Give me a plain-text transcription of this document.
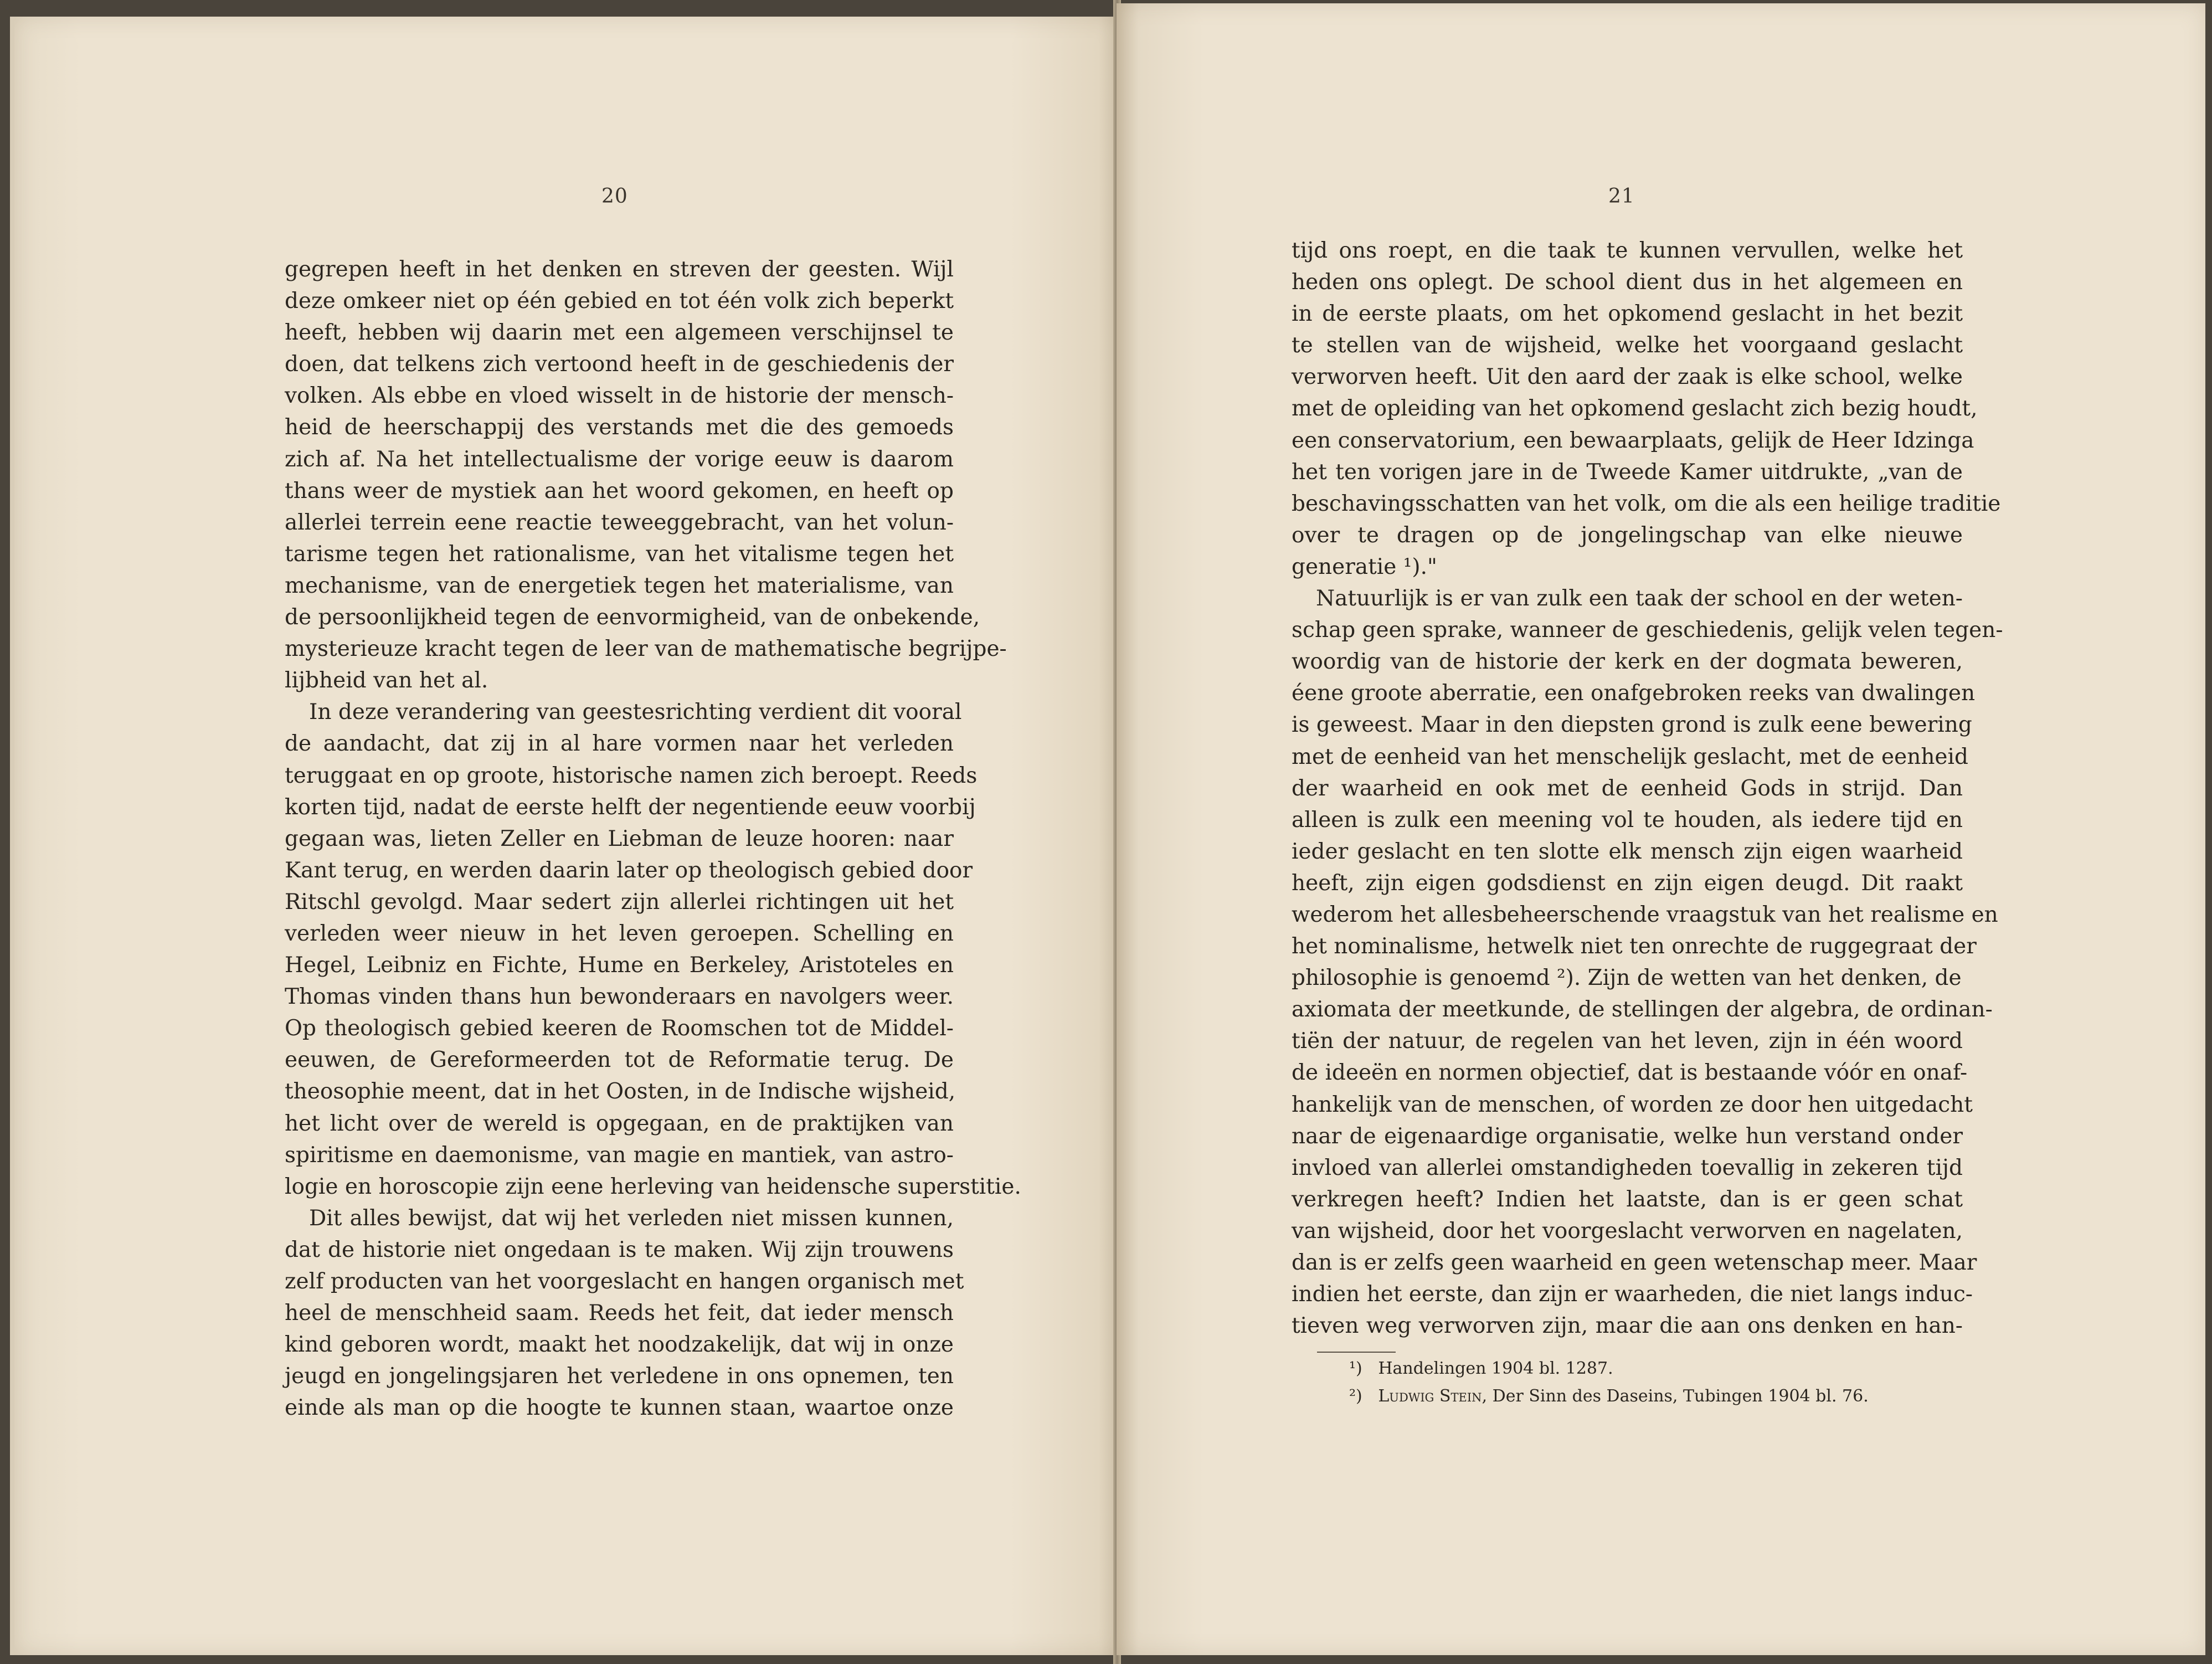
20
gegrepen heeft in het denken en streven der geesten. Wijl
deze omkeer niet op één gebied en tot één volk zich beperkt
heeft, hebben wij daarin met een algemeen verschijnsel te
doen, dat telkens zich vertoond heeft in de geschiedenis der
volken. Als ebbe en vloed wisselt in de historie der mensch-
heid de heerschappij des verstands met die des gemoeds
zich af. Na het intellectualisme der vorige eeuw is daarom
thans weer de mystiek aan het woord gekomen, en heeft op
allerlei terrein eene reactie teweeggebracht, van het volun-
tarisme tegen het rationalisme, van het vitalisme tegen het
mechanisme, van de energetiek tegen het materialisme, van
de persoonlijkheid tegen de eenvormigheid, van de onbekende,
mysterieuze kracht tegen de leer van de mathematische begrijpe-
lijbheid van het al.
In deze verandering van geestesrichting verdient dit vooral
de aandacht, dat zij in al hare vormen naar het verleden
teruggaat en op groote, historische namen zich beroept. Reeds
korten tijd, nadat de eerste helft der negentiende eeuw voorbij
gegaan was, lieten Zeller en Liebman de leuze hooren: naar
Kant terug, en werden daarin later op theologisch gebied door
Ritschl gevolgd. Maar sedert zijn allerlei richtingen uit het
verleden weer nieuw in het leven geroepen. Schelling en
Hegel, Leibniz en Fichte, Hume en Berkeley, Aristoteles en
Thomas vinden thans hun bewonderaars en navolgers weer.
Op theologisch gebied keeren de Roomschen tot de Middel-
eeuwen, de Gereformeerden tot de Reformatie terug. De
theosophie meent, dat in het Oosten, in de Indische wijsheid,
het licht over de wereld is opgegaan, en de praktijken van
spiritisme en daemonisme, van magie en mantiek, van astro-
logie en horoscopie zijn eene herleving van heidensche superstitie.
Dit alles bewijst, dat wij het verleden niet missen kunnen,
dat de historie niet ongedaan is te maken. Wij zijn trouwens
zelf producten van het voorgeslacht en hangen organisch met
heel de menschheid saam. Reeds het feit, dat ieder mensch
kind geboren wordt, maakt het noodzakelijk, dat wij in onze
jeugd en jongelingsjaren het verledene in ons opnemen, ten
einde als man op die hoogte te kunnen staan, waartoe onze
21
tijd ons roept, en die taak te kunnen vervullen, welke het
heden ons oplegt. De school dient dus in het algemeen en
in de eerste plaats, om het opkomend geslacht in het bezit
te stellen van de wijsheid, welke het voorgaand geslacht
verworven heeft. Uit den aard der zaak is elke school, welke
met de opleiding van het opkomend geslacht zich bezig houdt,
een conservatorium, een bewaarplaats, gelijk de Heer Idzinga
het ten vorigen jare in de Tweede Kamer uitdrukte, „van de
beschavingsschatten van het volk, om die als een heilige traditie
over te dragen op de jongelingschap van elke nieuwe
generatie ¹)."
Natuurlijk is er van zulk een taak der school en der weten-
schap geen sprake, wanneer de geschiedenis, gelijk velen tegen-
woordig van de historie der kerk en der dogmata beweren,
éene groote aberratie, een onafgebroken reeks van dwalingen
is geweest. Maar in den diepsten grond is zulk eene bewering
met de eenheid van het menschelijk geslacht, met de eenheid
der waarheid en ook met de eenheid Gods in strijd. Dan
alleen is zulk een meening vol te houden, als iedere tijd en
ieder geslacht en ten slotte elk mensch zijn eigen waarheid
heeft, zijn eigen godsdienst en zijn eigen deugd. Dit raakt
wederom het allesbeheerschende vraagstuk van het realisme en
het nominalisme, hetwelk niet ten onrechte de ruggegraat der
philosophie is genoemd ²). Zijn de wetten van het denken, de
axiomata der meetkunde, de stellingen der algebra, de ordinan-
tiën der natuur, de regelen van het leven, zijn in één woord
de ideeën en normen objectief, dat is bestaande vóór en onaf-
hankelijk van de menschen, of worden ze door hen uitgedacht
naar de eigenaardige organisatie, welke hun verstand onder
invloed van allerlei omstandigheden toevallig in zekeren tijd
verkregen heeft? Indien het laatste, dan is er geen schat
van wijsheid, door het voorgeslacht verworven en nagelaten,
dan is er zelfs geen waarheid en geen wetenschap meer. Maar
indien het eerste, dan zijn er waarheden, die niet langs induc-
tieven weg verworven zijn, maar die aan ons denken en han-
¹) Handelingen 1904 bl. 1287.
²) Ludwig Stein, Der Sinn des Daseins, Tubingen 1904 bl. 76.
